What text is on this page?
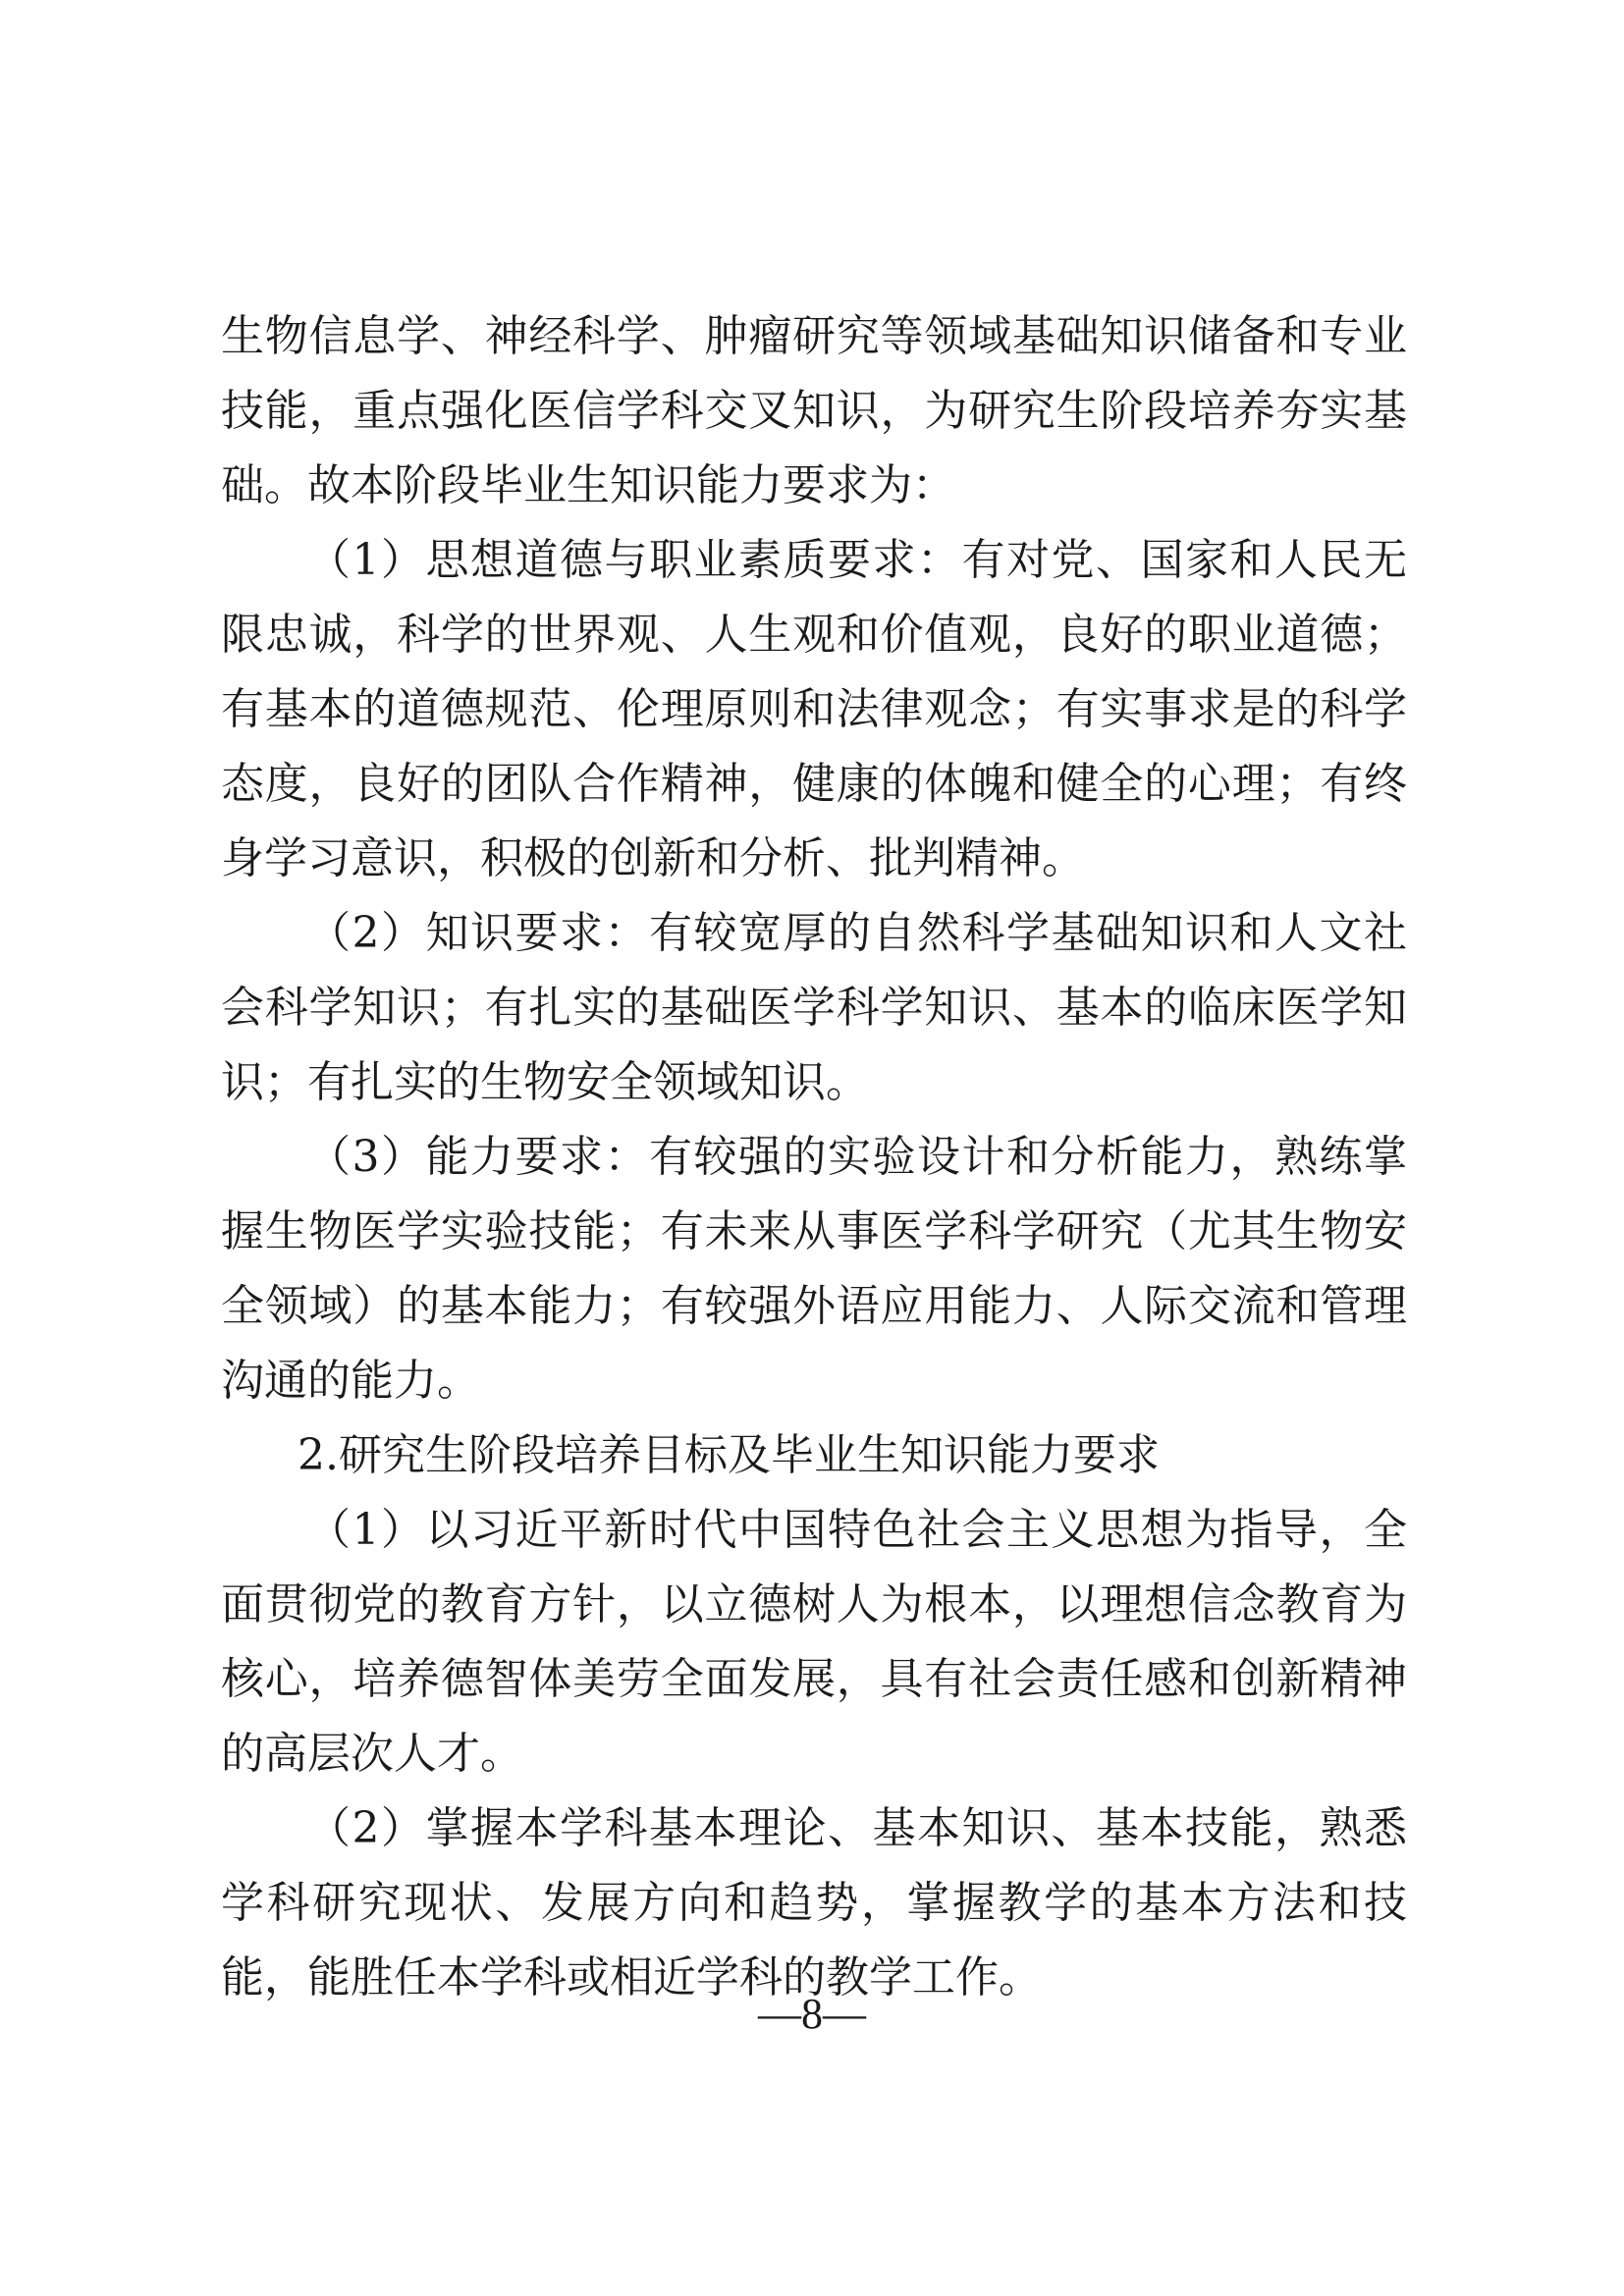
生物信息学、神经科学、肿瘤研究等领域基础知识储备和专业技能，重点强化医信学科交叉知识，为研究生阶段培养夯实基础。故本阶段毕业生知识能力要求为：

（1）思想道德与职业素质要求：有对党、国家和人民无限忠诚，科学的世界观、人生观和价值观，良好的职业道德；有基本的道德规范、伦理原则和法律观念；有实事求是的科学态度，良好的团队合作精神，健康的体魄和健全的心理；有终身学习意识，积极的创新和分析、批判精神。

（2）知识要求：有较宽厚的自然科学基础知识和人文社会科学知识；有扎实的基础医学科学知识、基本的临床医学知识；有扎实的生物安全领域知识。

（3）能力要求：有较强的实验设计和分析能力，熟练掌握生物医学实验技能；有未来从事医学科学研究（尤其生物安全领域）的基本能力；有较强外语应用能力、人际交流和管理沟通的能力。

2.研究生阶段培养目标及毕业生知识能力要求

（1）以习近平新时代中国特色社会主义思想为指导，全面贯彻党的教育方针，以立德树人为根本，以理想信念教育为核心，培养德智体美劳全面发展，具有社会责任感和创新精神的高层次人才。

（2）掌握本学科基本理论、基本知识、基本技能，熟悉学科研究现状、发展方向和趋势，掌握教学的基本方法和技能，能胜任本学科或相近学科的教学工作。

—8—
